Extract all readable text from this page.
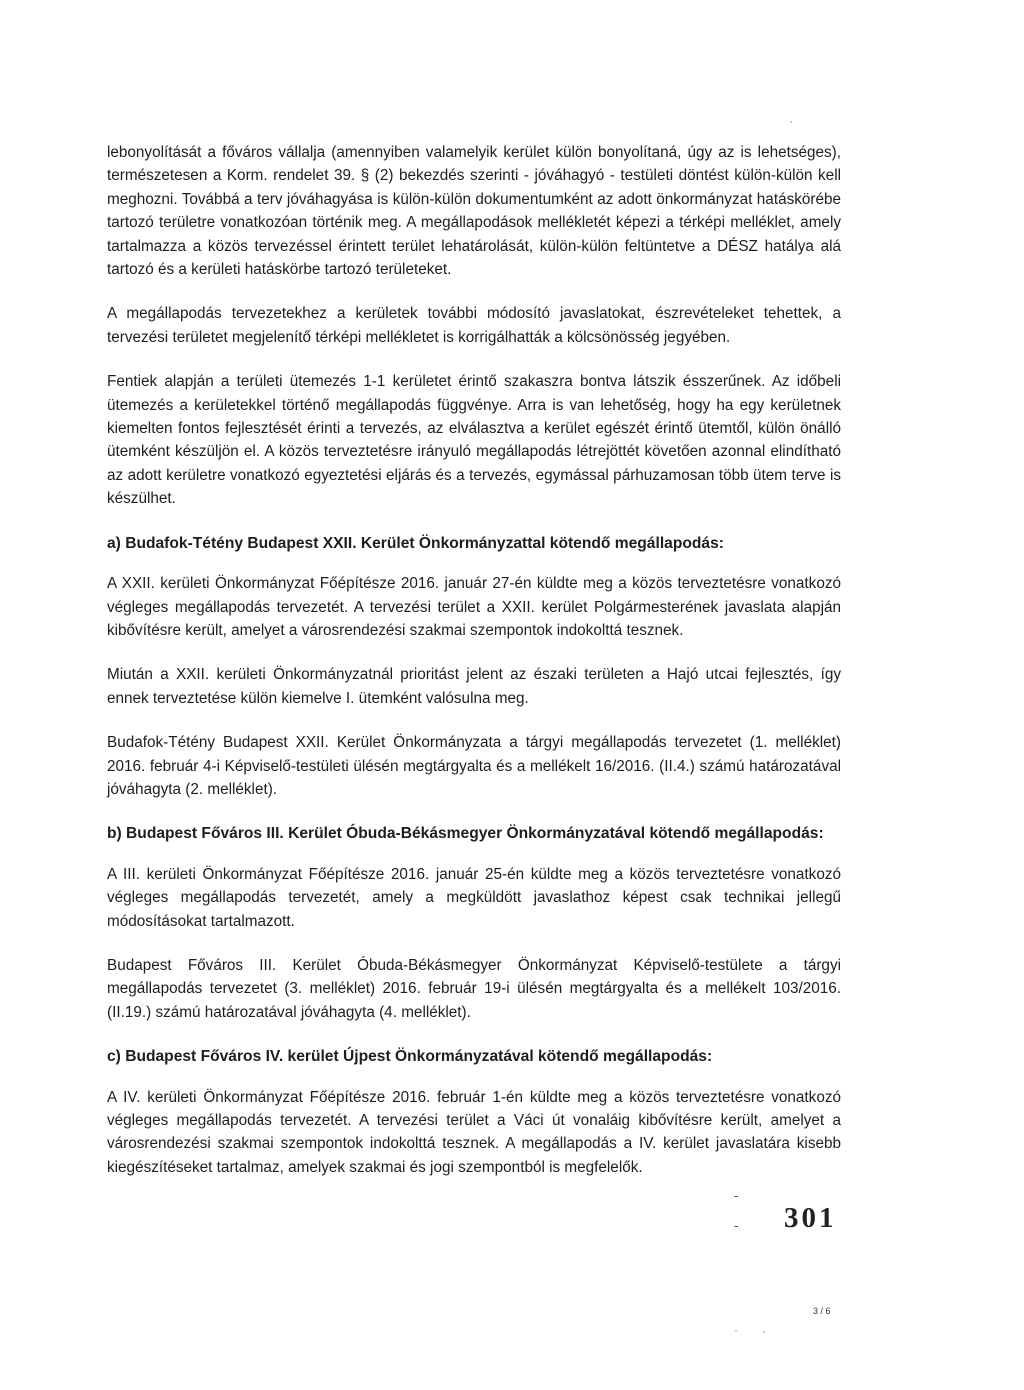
lebonyolítását a főváros vállalja (amennyiben valamelyik kerület külön bonyolítaná, úgy az is lehetséges), természetesen a Korm. rendelet 39. § (2) bekezdés szerinti - jóváhagyó - testületi döntést külön-külön kell meghozni. Továbbá a terv jóváhagyása is külön-külön dokumentumként az adott önkormányzat hatáskörébe tartozó területre vonatkozóan történik meg. A megállapodások mellékletét képezi a térképi melléklet, amely tartalmazza a közös tervezéssel érintett terület lehatárolását, külön-külön feltüntetve a DÉSZ hatálya alá tartozó és a kerületi hatáskörbe tartozó területeket.

A megállapodás tervezetekhez a kerületek további módosító javaslatokat, észrevételeket tehettek, a tervezési területet megjelenítő térképi mellékletet is korrigálhatták a kölcsönösség jegyében.

Fentiek alapján a területi ütemezés 1-1 kerületet érintő szakaszra bontva látszik ésszerűnek. Az időbeli ütemezés a kerületekkel történő megállapodás függvénye. Arra is van lehetőség, hogy ha egy kerületnek kiemelten fontos fejlesztését érinti a tervezés, az elválasztva a kerület egészét érintő ütemtől, külön önálló ütemként készüljön el. A közös terveztetésre irányuló megállapodás létrejöttét követően azonnal elindítható az adott kerületre vonatkozó egyeztetési eljárás és a tervezés, egymással párhuzamosan több ütem terve is készülhet.

a) Budafok-Tétény Budapest XXII. Kerület Önkormányzattal kötendő megállapodás:

A XXII. kerületi Önkormányzat Főépítésze 2016. január 27-én küldte meg a közös terveztetésre vonatkozó végleges megállapodás tervezetét. A tervezési terület a XXII. kerület Polgármesterének javaslata alapján kibővítésre került, amelyet a városrendezési szakmai szempontok indokolttá tesznek.

Miután a XXII. kerületi Önkormányzatnál prioritást jelent az északi területen a Hajó utcai fejlesztés, így ennek terveztetése külön kiemelve I. ütemként valósulna meg.

Budafok-Tétény Budapest XXII. Kerület Önkormányzata a tárgyi megállapodás tervezetet (1. melléklet) 2016. február 4-i Képviselő-testületi ülésén megtárgyalta és a mellékelt 16/2016. (II.4.) számú határozatával jóváhagyta (2. melléklet).

b) Budapest Főváros III. Kerület Óbuda-Békásmegyer Önkormányzatával kötendő megállapodás:

A III. kerületi Önkormányzat Főépítésze 2016. január 25-én küldte meg a közös terveztetésre vonatkozó végleges megállapodás tervezetét, amely a megküldött javaslathoz képest csak technikai jellegű módosításokat tartalmazott.

Budapest Főváros III. Kerület Óbuda-Békásmegyer Önkormányzat Képviselő-testülete a tárgyi megállapodás tervezetet (3. melléklet) 2016. február 19-i ülésén megtárgyalta és a mellékelt 103/2016. (II.19.) számú határozatával jóváhagyta (4. melléklet).

c) Budapest Főváros IV. kerület Újpest Önkormányzatával kötendő megállapodás:

A IV. kerületi Önkormányzat Főépítésze 2016. február 1-én küldte meg a közös terveztetésre vonatkozó végleges megállapodás tervezetét. A tervezési terület a Váci út vonaláig kibővítésre került, amelyet a városrendezési szakmai szempontok indokolttá tesznek. A megállapodás a IV. kerület javaslatára kisebb kiegészítéseket tartalmaz, amelyek szakmai és jogi szempontból is megfelelők.

-
- 301
3 / 6
